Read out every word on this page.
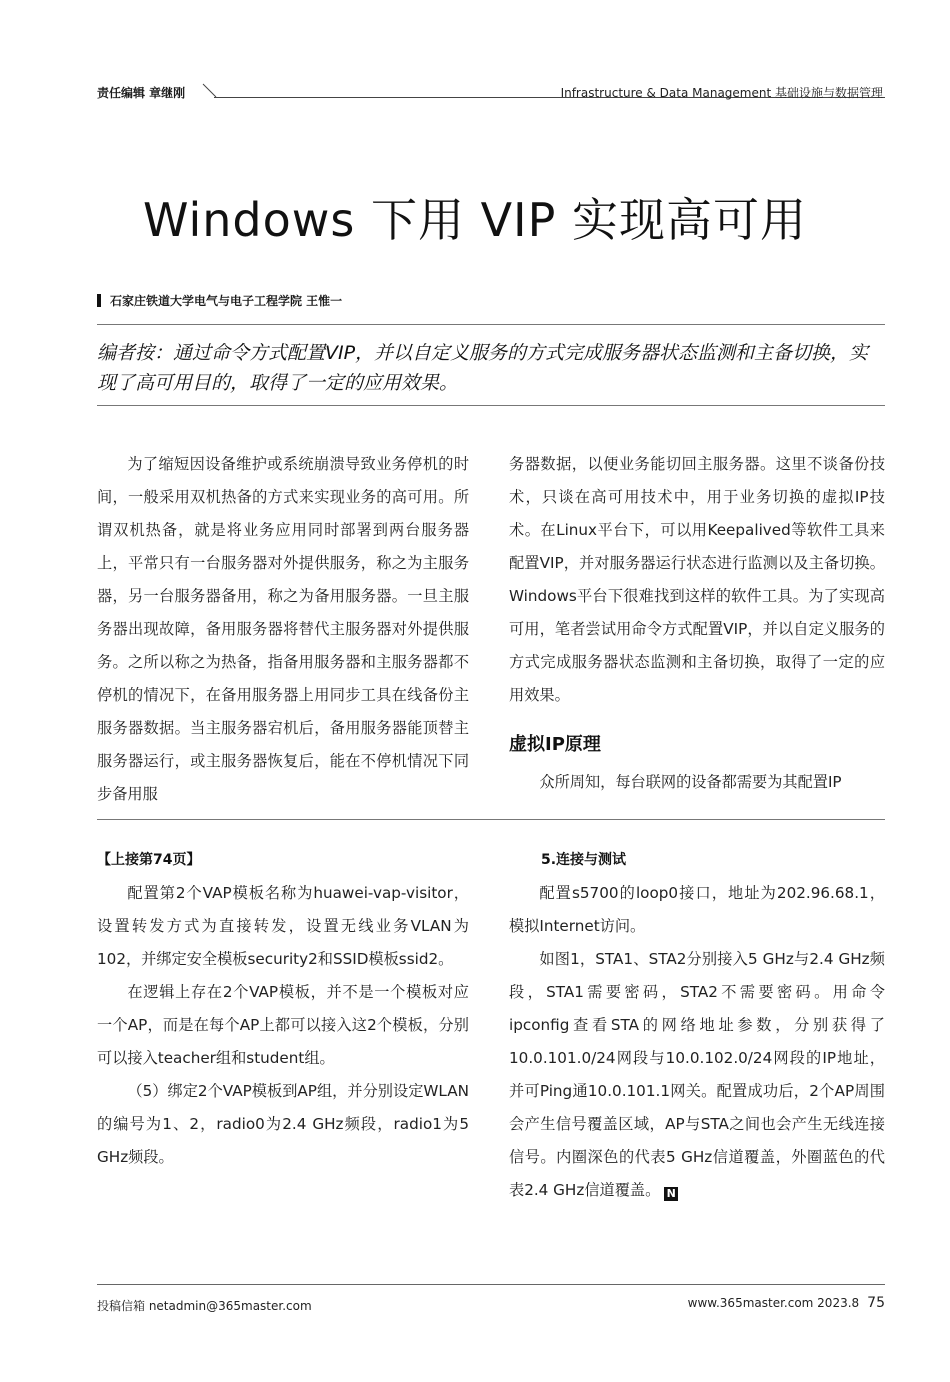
责任编辑 章继刚	Infrastructure & Data Management 基础设施与数据管理
Windows 下用 VIP 实现高可用
石家庄铁道大学电气与电子工程学院 王惟一
编者按：通过命令方式配置VIP，并以自定义服务的方式完成服务器状态监测和主备切换，实现了高可用目的，取得了一定的应用效果。

为了缩短因设备维护或系统崩溃导致业务停机的时间，一般采用双机热备的方式来实现业务的高可用。所谓双机热备，就是将业务应用同时部署到两台服务器上，平常只有一台服务器对外提供服务，称之为主服务器，另一台服务器备用，称之为备用服务器。一旦主服务器出现故障，备用服务器将替代主服务器对外提供服务。之所以称之为热备，指备用服务器和主服务器都不停机的情况下，在备用服务器上用同步工具在线备份主服务器数据。当主服务器宕机后，备用服务器能顶替主服务器运行，或主服务器恢复后，能在不停机情况下同步备用服

务器数据，以便业务能切回主服务器。这里不谈备份技术，只谈在高可用技术中，用于业务切换的虚拟IP技术。在Linux平台下，可以用Keepalived等软件工具来配置VIP，并对服务器运行状态进行监测以及主备切换。Windows平台下很难找到这样的软件工具。为了实现高可用，笔者尝试用命令方式配置VIP，并以自定义服务的方式完成服务器状态监测和主备切换，取得了一定的应用效果。

虚拟IP原理

众所周知，每台联网的设备都需要为其配置IP

【上接第74页】

配置第2个VAP模板名称为huawei-vap-visitor，设置转发方式为直接转发，设置无线业务VLAN为102，并绑定安全模板security2和SSID模板ssid2。

在逻辑上存在2个VAP模板，并不是一个模板对应一个AP，而是在每个AP上都可以接入这2个模板，分别可以接入teacher组和student组。

（5）绑定2个VAP模板到AP组，并分别设定WLAN的编号为1、2，radio0为2.4 GHz频段，radio1为5 GHz频段。

5.连接与测试

配置s5700的loop0接口，地址为202.96.68.1，模拟Internet访问。

如图1，STA1、STA2分别接入5 GHz与2.4 GHz频段，STA1需要密码，STA2不需要密码。用命令ipconfig查看STA的网络地址参数，分别获得了10.0.101.0/24网段与10.0.102.0/24网段的IP地址，并可Ping通10.0.101.1网关。配置成功后，2个AP周围会产生信号覆盖区域，AP与STA之间也会产生无线连接信号。内圈深色的代表5 GHz信道覆盖，外圈蓝色的代表2.4 GHz信道覆盖。 N

投稿信箱 netadmin@365master.com	www.365master.com 2023.8 75
